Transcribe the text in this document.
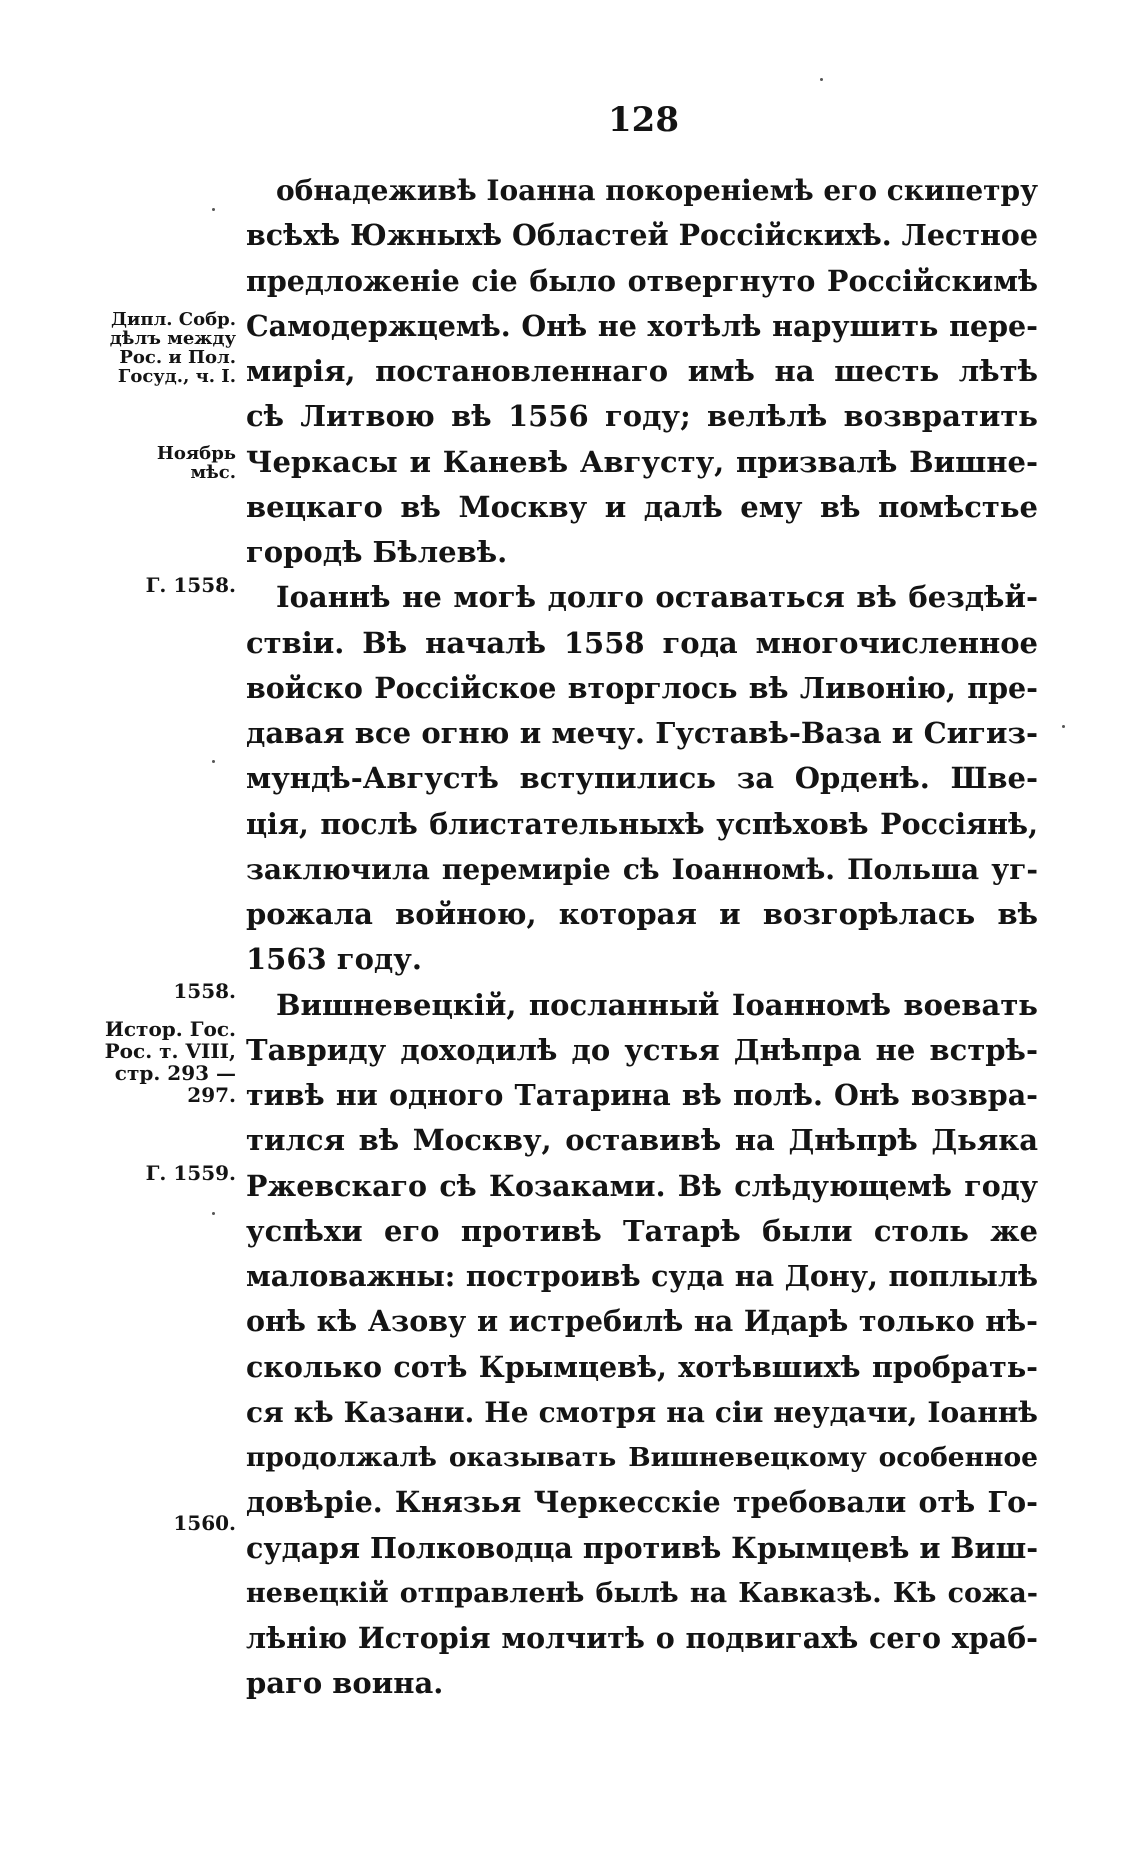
128
Дипл. Собр.
дѣлъ между
Рос. и Пол.
Госуд., ч. I.
Ноябрь
мѣс.
Г. 1558.
1558.
Истор. Гос.
Рос. т. VIII,
стр. 293 —
297.
Г. 1559.
1560.
обнадеживѣ Іоанна покореніемѣ его скипетру
всѣхѣ Южныхѣ Областей Россійскихѣ. Лестное
предложеніе сіе было отвергнуто Россійскимѣ
Самодержцемѣ. Онѣ не хотѣлѣ нарушить пере-
мирія, постановленнаго имѣ на шесть лѣтѣ
сѣ Литвою вѣ 1556 году; велѣлѣ возвратить
Черкасы и Каневѣ Августу, призвалѣ Вишне-
вецкаго вѣ Москву и далѣ ему вѣ помѣстье
городѣ Бѣлевѣ.
Іоаннѣ не могѣ долго оставаться вѣ бездѣй-
ствіи. Вѣ началѣ 1558 года многочисленное
войско Россійское вторглось вѣ Ливонію, пре-
давая все огню и мечу. Густавѣ-Ваза и Сигиз-
мундѣ-Августѣ вступились за Орденѣ. Шве-
ція, послѣ блистательныхѣ успѣховѣ Россіянѣ,
заключила перемиріе сѣ Іоанномѣ. Польша уг-
рожала войною, которая и возгорѣлась вѣ
1563 году.
Вишневецкій, посланный Іоанномѣ воевать
Тавриду доходилѣ до устья Днѣпра не встрѣ-
тивѣ ни одного Татарина вѣ полѣ. Онѣ возвра-
тился вѣ Москву, оставивѣ на Днѣпрѣ Дьяка
Ржевскаго сѣ Козаками. Вѣ слѣдующемѣ году
успѣхи его противѣ Татарѣ были столь же
маловажны: построивѣ суда на Дону, поплылѣ
онѣ кѣ Азову и истребилѣ на Идарѣ только нѣ-
сколько сотѣ Крымцевѣ, хотѣвшихѣ пробрать-
ся кѣ Казани. Не смотря на сіи неудачи, Іоаннѣ
продолжалѣ оказывать Вишневецкому особенное
довѣріе. Князья Черкесскіе требовали отѣ Го-
сударя Полководца противѣ Крымцевѣ и Виш-
невецкій отправленѣ былѣ на Кавказѣ. Кѣ сожа-
лѣнію Исторія молчитѣ о подвигахѣ сего храб-
раго воина.
